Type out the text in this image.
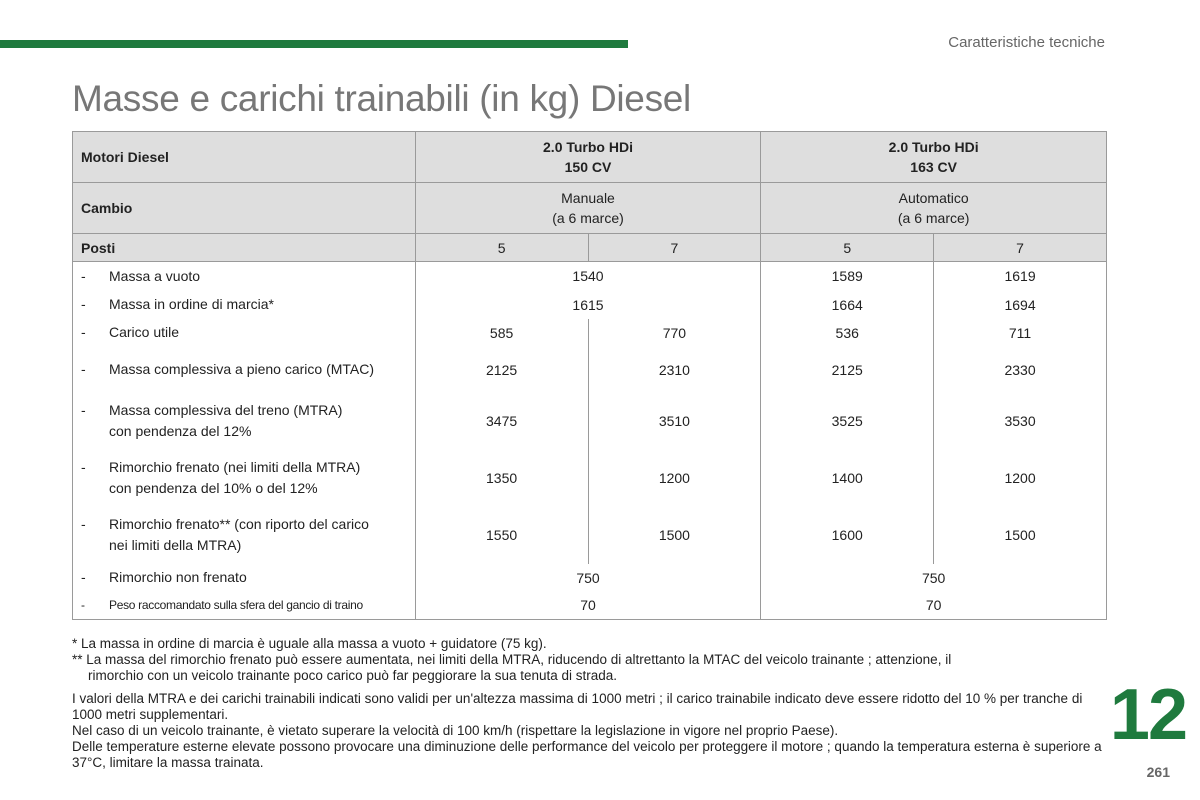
Caratteristiche tecniche
Masse e carichi trainabili (in kg) Diesel
Motori Diesel	2.0 Turbo HDi
150 CV		2.0 Turbo HDi
163 CV	
Cambio	Manuale
(a 6 marce)		Automatico
(a 6 marce)	
Posti	5	7	5	7

- Massa a vuoto	1540		1589	1619

- Massa in ordine di marcia*	1615		1664	1694

- Carico utile	585	770	536	711

- Massa complessiva a pieno carico (MTAC)	2125	2310	2125	2330

- Massa complessiva del treno (MTRA)
con pendenza del 12%	3475	3510	3525	3530

- Rimorchio frenato (nei limiti della MTRA)
con pendenza del 10% o del 12%	1350	1200	1400	1200

- Rimorchio frenato** (con riporto del carico
nei limiti della MTRA)	1550	1500	1600	1500

- Rimorchio non frenato	750		750	

- Peso raccomandato sulla sfera del gancio di traino	70		70	

* La massa in ordine di marcia è uguale alla massa a vuoto + guidatore (75 kg).

** La massa del rimorchio frenato può essere aumentata, nei limiti della MTRA, riducendo di altrettanto la MTAC del veicolo trainante ; attenzione, il

rimorchio con un veicolo trainante poco carico può far peggiorare la sua tenuta di strada.

I valori della MTRA e dei carichi trainabili indicati sono validi per un'altezza massima di 1000 metri ; il carico trainabile indicato deve essere ridotto del 10 % per tranche di 1000 metri supplementari.

Nel caso di un veicolo trainante, è vietato superare la velocità di 100 km/h (rispettare la legislazione in vigore nel proprio Paese).

Delle temperature esterne elevate possono provocare una diminuzione delle performance del veicolo per proteggere il motore ; quando la temperatura esterna è superiore a 37°C, limitare la massa trainata.

12
261
